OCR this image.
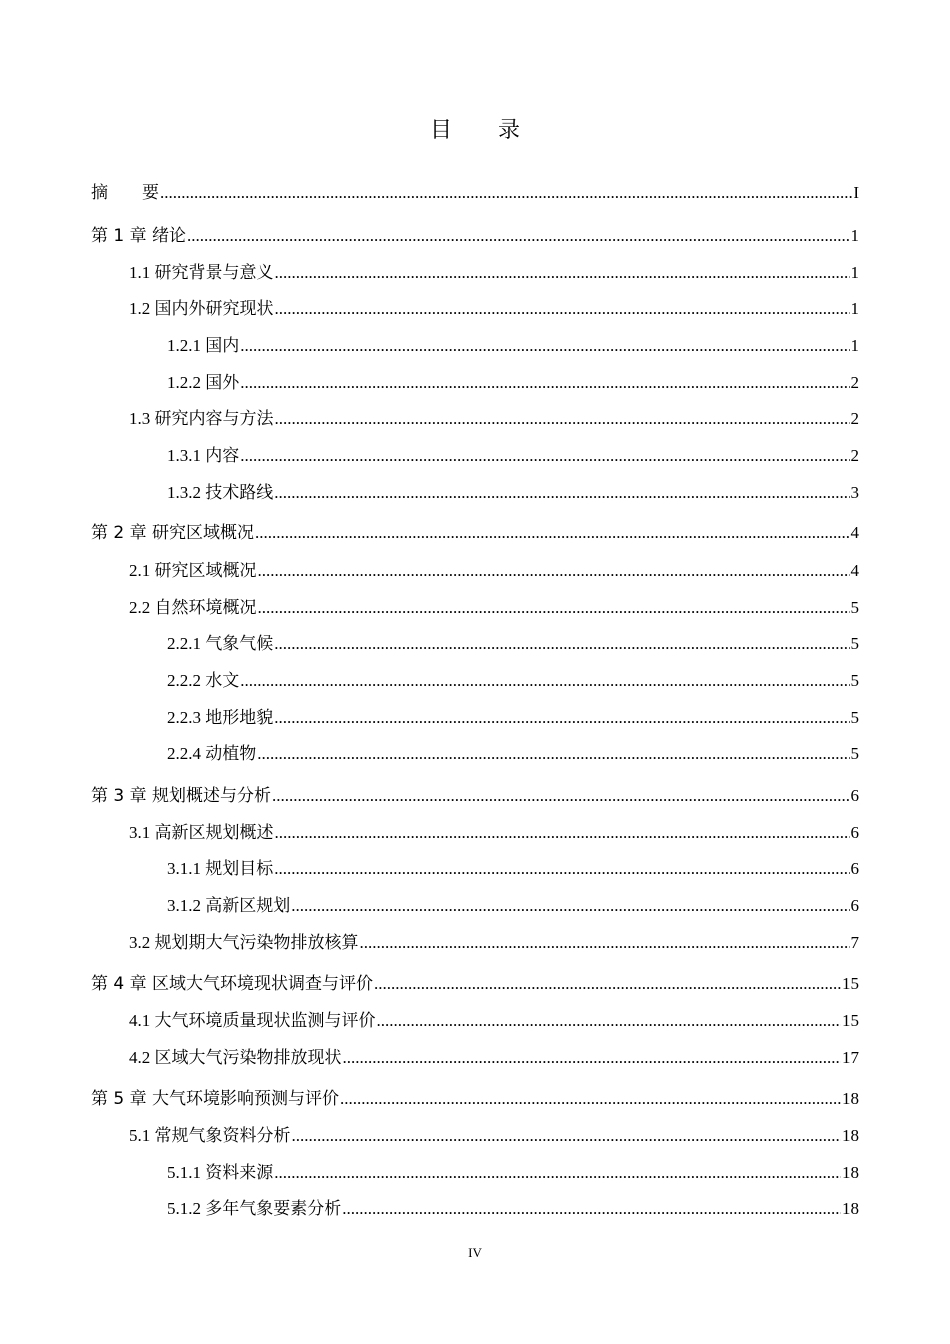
目 录
摘　　要 .....	I
第 1 章 绪论 .....	1
1.1 研究背景与意义 .....	1
1.2 国内外研究现状 .....	1
1.2.1 国内 .....	1
1.2.2 国外 .....	2
1.3 研究内容与方法 .....	2
1.3.1 内容 .....	2
1.3.2 技术路线 .....	3
第 2 章 研究区域概况 .....	4
2.1 研究区域概况 .....	4
2.2 自然环境概况 .....	5
2.2.1 气象气候 .....	5
2.2.2 水文 .....	5
2.2.3 地形地貌 .....	5
2.2.4 动植物 .....	5
第 3 章 规划概述与分析 .....	6
3.1 高新区规划概述 .....	6
3.1.1 规划目标 .....	6
3.1.2 高新区规划 .....	6
3.2 规划期大气污染物排放核算 .....	7
第 4 章 区域大气环境现状调查与评价 .....	15
4.1 大气环境质量现状监测与评价 .....	15
4.2 区域大气污染物排放现状 .....	17
第 5 章 大气环境影响预测与评价 .....	18
5.1 常规气象资料分析 .....	18
5.1.1 资料来源 .....	18
5.1.2 多年气象要素分析 .....	18
IV
